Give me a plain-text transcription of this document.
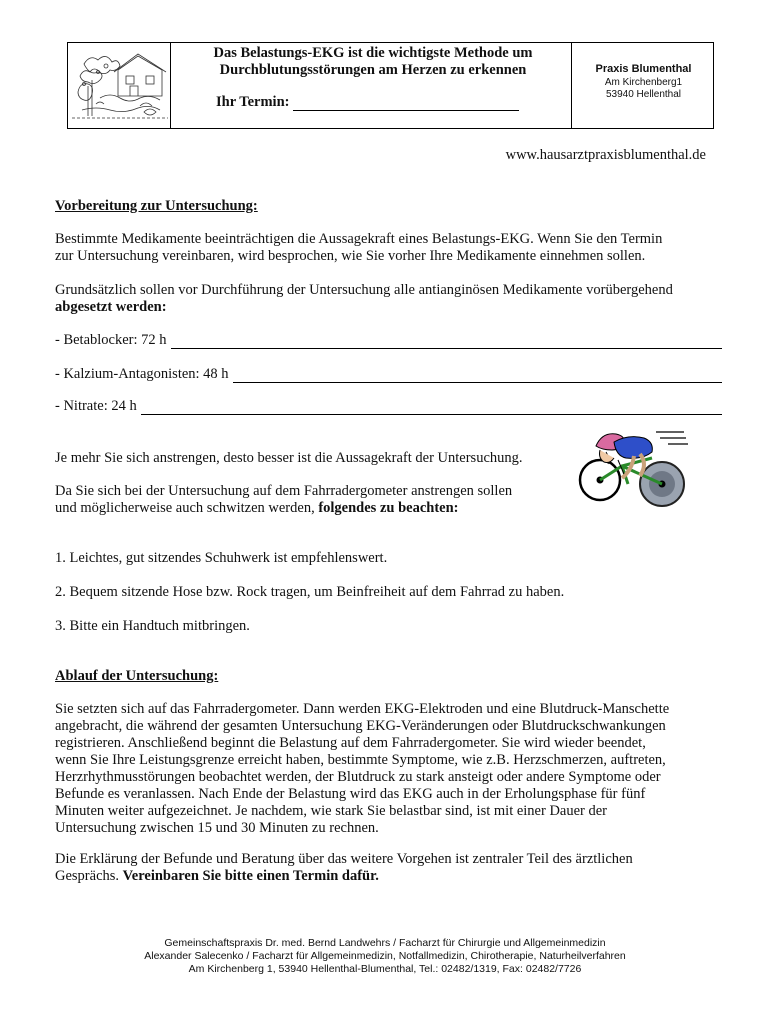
Das Belastungs-EKG ist die wichtigste Methode um
Durchblutungsstörungen am Herzen zu erkennen
Ihr Termin:
Praxis Blumenthal
Am Kirchenberg1
53940 Hellenthal
www.hausarztpraxisblumenthal.de
Vorbereitung zur Untersuchung:
Bestimmte Medikamente beeinträchtigen die Aussagekraft eines Belastungs-EKG. Wenn Sie den Termin
zur Untersuchung vereinbaren, wird besprochen, wie Sie vorher Ihre Medikamente einnehmen sollen.
Grundsätzlich sollen vor Durchführung der Untersuchung alle antianginösen Medikamente vorübergehend
abgesetzt werden:
- Betablocker: 72 h
- Kalzium-Antagonisten: 48 h
- Nitrate: 24 h
Je mehr Sie sich anstrengen, desto besser ist die Aussagekraft der Untersuchung.
Da Sie sich bei der Untersuchung auf dem Fahrradergometer anstrengen sollen
und möglicherweise auch schwitzen werden, folgendes zu beachten:
1. Leichtes, gut sitzendes Schuhwerk ist empfehlenswert.
2. Bequem sitzende Hose bzw. Rock tragen, um Beinfreiheit auf dem Fahrrad zu haben.
3. Bitte ein Handtuch mitbringen.
Ablauf der Untersuchung:
Sie setzten sich auf das Fahrradergometer. Dann werden EKG-Elektroden und eine Blutdruck-Manschette
angebracht, die während der gesamten Untersuchung EKG-Veränderungen oder Blutdruckschwankungen
registrieren. Anschließend beginnt die Belastung auf dem Fahrradergometer. Sie wird wieder beendet,
wenn Sie Ihre Leistungsgrenze erreicht haben, bestimmte Symptome, wie z.B. Herzschmerzen, auftreten,
Herzrhythmusstörungen beobachtet werden, der Blutdruck zu stark ansteigt oder andere Symptome oder
Befunde es veranlassen. Nach Ende der Belastung wird das EKG auch in der Erholungsphase für fünf
Minuten weiter aufgezeichnet. Je nachdem, wie stark Sie belastbar sind, ist mit einer Dauer der
Untersuchung zwischen 15 und 30 Minuten zu rechnen.
Die Erklärung der Befunde und Beratung über das weitere Vorgehen ist zentraler Teil des ärztlichen
Gesprächs. Vereinbaren Sie bitte einen Termin dafür.
Gemeinschaftspraxis Dr. med. Bernd Landwehrs / Facharzt für Chirurgie und Allgemeinmedizin
Alexander Salecenko / Facharzt für Allgemeinmedizin, Notfallmedizin, Chirotherapie, Naturheilverfahren
Am Kirchenberg 1, 53940 Hellenthal-Blumenthal, Tel.: 02482/1319, Fax: 02482/7726
